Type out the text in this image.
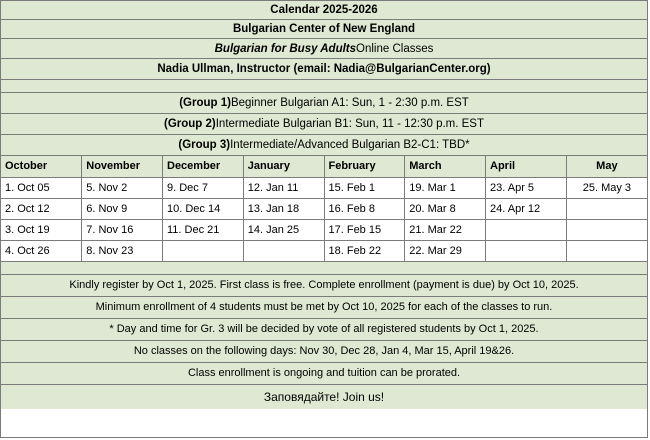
Calendar 2025-2026
Bulgarian Center of New England
Bulgarian for Busy Adults Online Classes
Nadia Ullman, Instructor (email: Nadia@BulgarianCenter.org)
(Group 1) Beginner Bulgarian A1: Sun, 1 - 2:30 p.m. EST
(Group 2) Intermediate Bulgarian B1: Sun, 11 - 12:30 p.m. EST
(Group 3) Intermediate/Advanced Bulgarian B2-C1: TBD*
October	November	December	January	February	March	April	May
1. Oct 05	5. Nov 2	9. Dec 7	12. Jan 11	15. Feb 1	19. Mar 1	23. Apr 5	25. May 3
2. Oct 12	6. Nov 9	10. Dec 14	13. Jan 18	16. Feb 8	20. Mar 8	24. Apr 12	
3. Oct 19	7. Nov 16	11. Dec 21	14. Jan 25	17. Feb 15	21. Mar 22		
4. Oct 26	8. Nov 23			18. Feb 22	22. Mar 29		
Kindly register by Oct 1, 2025. First class is free. Complete enrollment (payment is due) by Oct 10, 2025.
Minimum enrollment of 4 students must be met by Oct 10, 2025 for each of the classes to run.
* Day and time for Gr. 3 will be decided by vote of all registered students by Oct 1, 2025.
No classes on the following days: Nov 30, Dec 28, Jan 4, Mar 15, April 19&26.
Class enrollment is ongoing and tuition can be prorated.
Заповядайте! Join us!
